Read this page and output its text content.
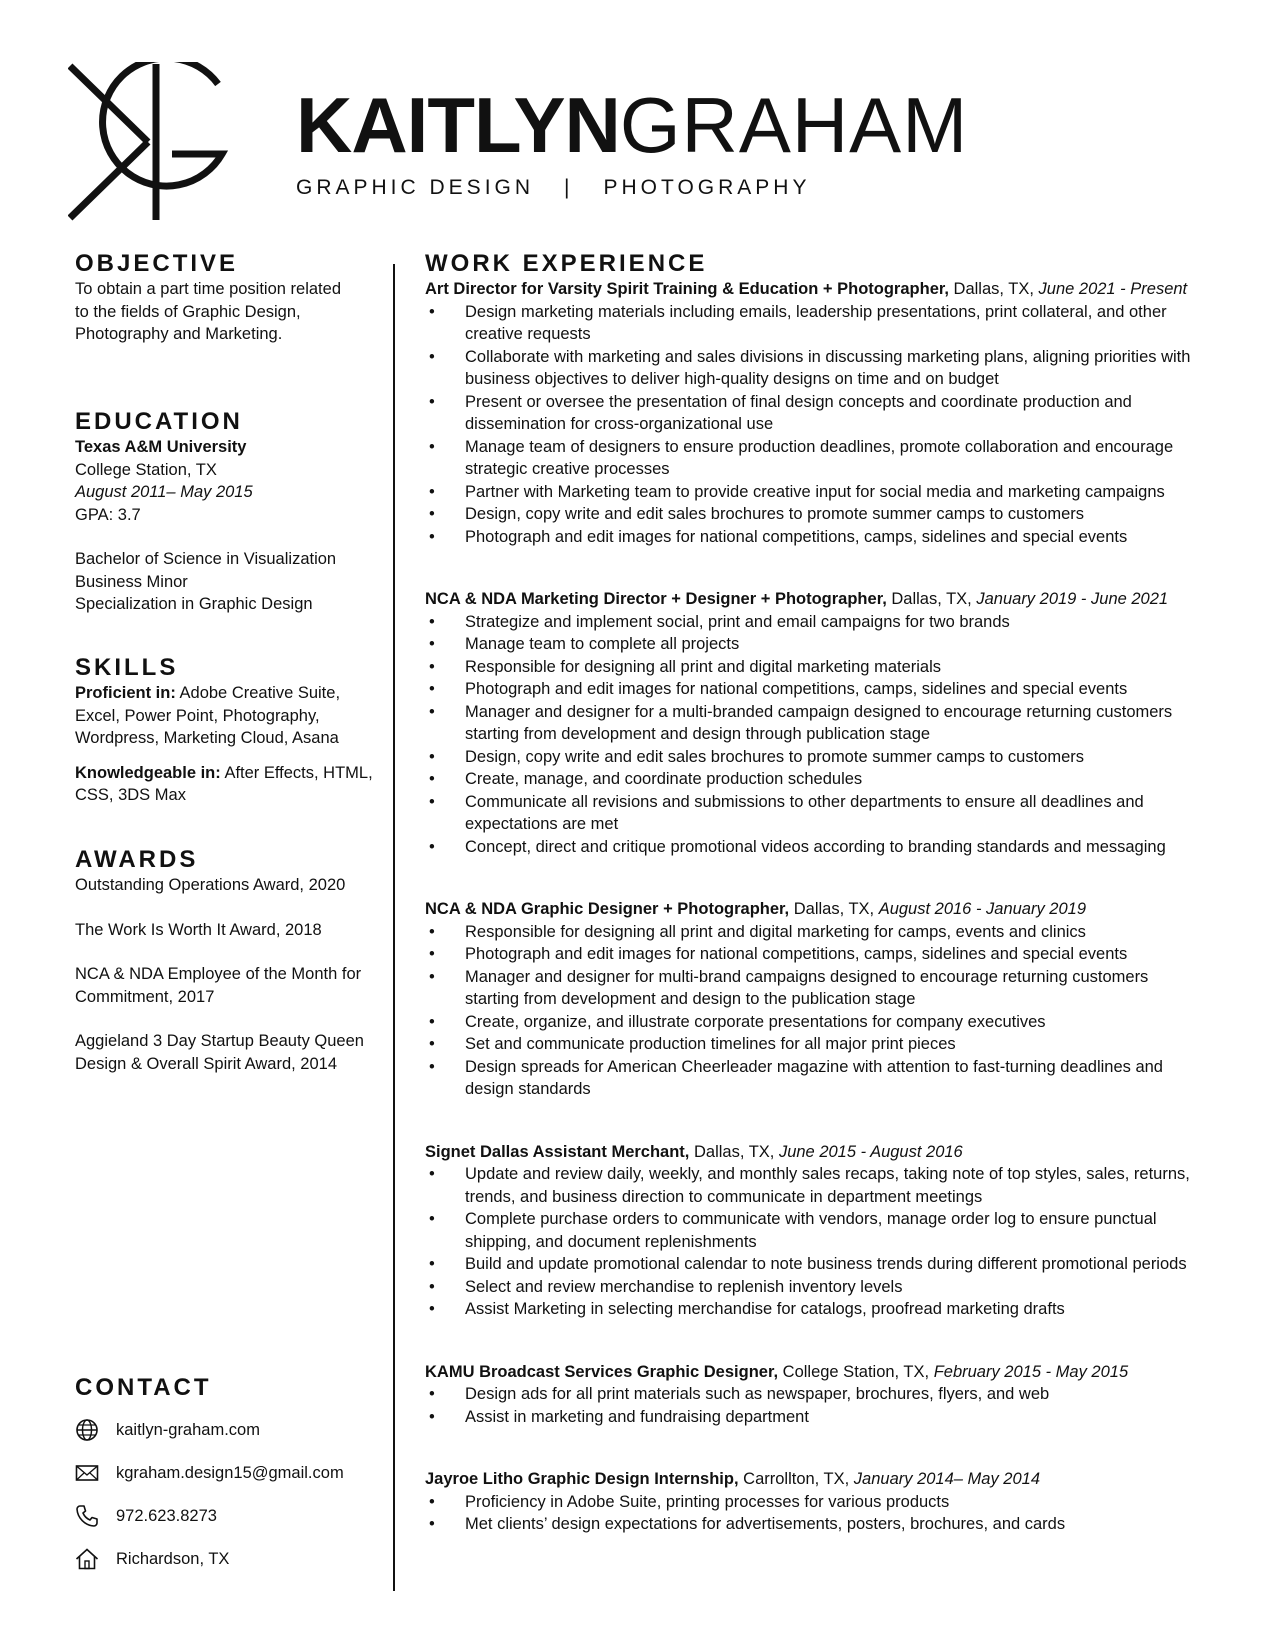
KAITLYNGRAHAM
GRAPHIC DESIGN | PHOTOGRAPHY
OBJECTIVE

To obtain a part time position related

to the fields of Graphic Design,

Photography and Marketing.

EDUCATION

Texas A&M University

College Station, TX

August 2011– May 2015

GPA: 3.7

Bachelor of Science in Visualization

Business Minor

Specialization in Graphic Design

SKILLS

Proficient in: Adobe Creative Suite,

Excel, Power Point, Photography,

Wordpress, Marketing Cloud, Asana

Knowledgeable in: After Effects, HTML,

CSS, 3DS Max

AWARDS

Outstanding Operations Award, 2020

The Work Is Worth It Award, 2018

NCA & NDA Employee of the Month for

Commitment, 2017

Aggieland 3 Day Startup Beauty Queen

Design & Overall Spirit Award, 2014

CONTACT
kaitlyn-graham.com
kgraham.design15@gmail.com
972.623.8273
Richardson, TX
WORK EXPERIENCE

Art Director for Varsity Spirit Training & Education + Photographer, Dallas, TX, June 2021 - Present

• Design marketing materials including emails, leadership presentations, print collateral, and other
creative requests
• Collaborate with marketing and sales divisions in discussing marketing plans, aligning priorities with
business objectives to deliver high-quality designs on time and on budget
• Present or oversee the presentation of final design concepts and coordinate production and
dissemination for cross-organizational use
• Manage team of designers to ensure production deadlines, promote collaboration and encourage
strategic creative processes
• Partner with Marketing team to provide creative input for social media and marketing campaigns
• Design, copy write and edit sales brochures to promote summer camps to customers
• Photograph and edit images for national competitions, camps, sidelines and special events

NCA & NDA Marketing Director + Designer + Photographer, Dallas, TX, January 2019 - June 2021

• Strategize and implement social, print and email campaigns for two brands
• Manage team to complete all projects
• Responsible for designing all print and digital marketing materials
• Photograph and edit images for national competitions, camps, sidelines and special events
• Manager and designer for a multi-branded campaign designed to encourage returning customers
starting from development and design through publication stage
• Design, copy write and edit sales brochures to promote summer camps to customers
• Create, manage, and coordinate production schedules
• Communicate all revisions and submissions to other departments to ensure all deadlines and
expectations are met
• Concept, direct and critique promotional videos according to branding standards and messaging

NCA & NDA Graphic Designer + Photographer, Dallas, TX, August 2016 - January 2019

• Responsible for designing all print and digital marketing for camps, events and clinics
• Photograph and edit images for national competitions, camps, sidelines and special events
• Manager and designer for multi-brand campaigns designed to encourage returning customers
starting from development and design to the publication stage
• Create, organize, and illustrate corporate presentations for company executives
• Set and communicate production timelines for all major print pieces
• Design spreads for American Cheerleader magazine with attention to fast-turning deadlines and
design standards

Signet Dallas Assistant Merchant, Dallas, TX, June 2015 - August 2016

• Update and review daily, weekly, and monthly sales recaps, taking note of top styles, sales, returns,
trends, and business direction to communicate in department meetings
• Complete purchase orders to communicate with vendors, manage order log to ensure punctual
shipping, and document replenishments
• Build and update promotional calendar to note business trends during different promotional periods
• Select and review merchandise to replenish inventory levels
• Assist Marketing in selecting merchandise for catalogs, proofread marketing drafts

KAMU Broadcast Services Graphic Designer, College Station, TX, February 2015 - May 2015

• Design ads for all print materials such as newspaper, brochures, flyers, and web
• Assist in marketing and fundraising department

Jayroe Litho Graphic Design Internship, Carrollton, TX, January 2014– May 2014

• Proficiency in Adobe Suite, printing processes for various products
• Met clients’ design expectations for advertisements, posters, brochures, and cards
